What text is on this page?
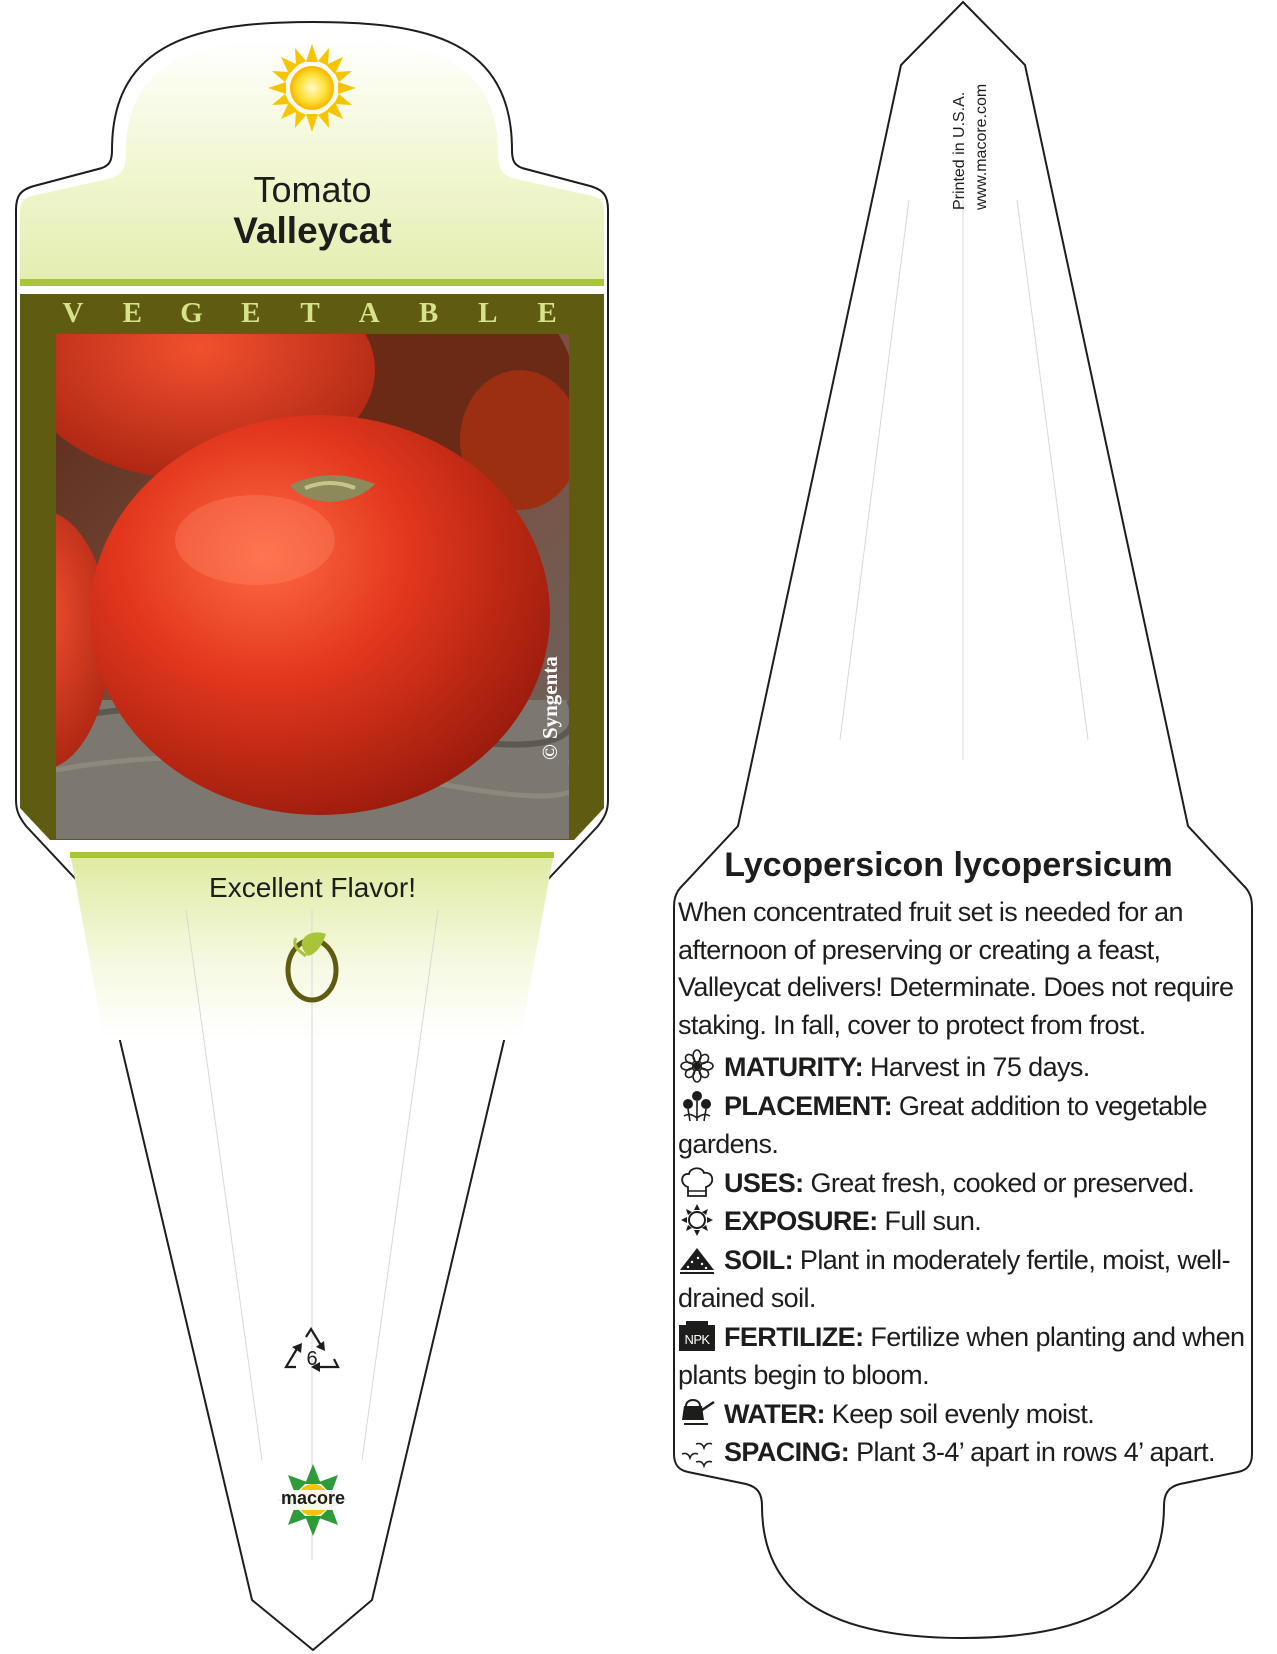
Tomato
Valleycat
V E G E T A B L E
© Syngenta
Excellent Flavor!
6
macore
Printed in U.S.A. www.macore.com
Lycopersicon lycopersicum
When concentrated fruit set is needed for an afternoon of preserving or creating a feast, Valleycat delivers! Determinate. Does not require staking. In fall, cover to protect from frost.
MATURITY: Harvest in 75 days.
PLACEMENT: Great addition to vegetable gardens.
USES: Great fresh, cooked or preserved.
EXPOSURE: Full sun.
SOIL: Plant in moderately fertile, moist, well-drained soil.
NPK FERTILIZE: Fertilize when planting and when plants begin to bloom.
WATER: Keep soil evenly moist.
SPACING: Plant 3-4’ apart in rows 4’ apart.
